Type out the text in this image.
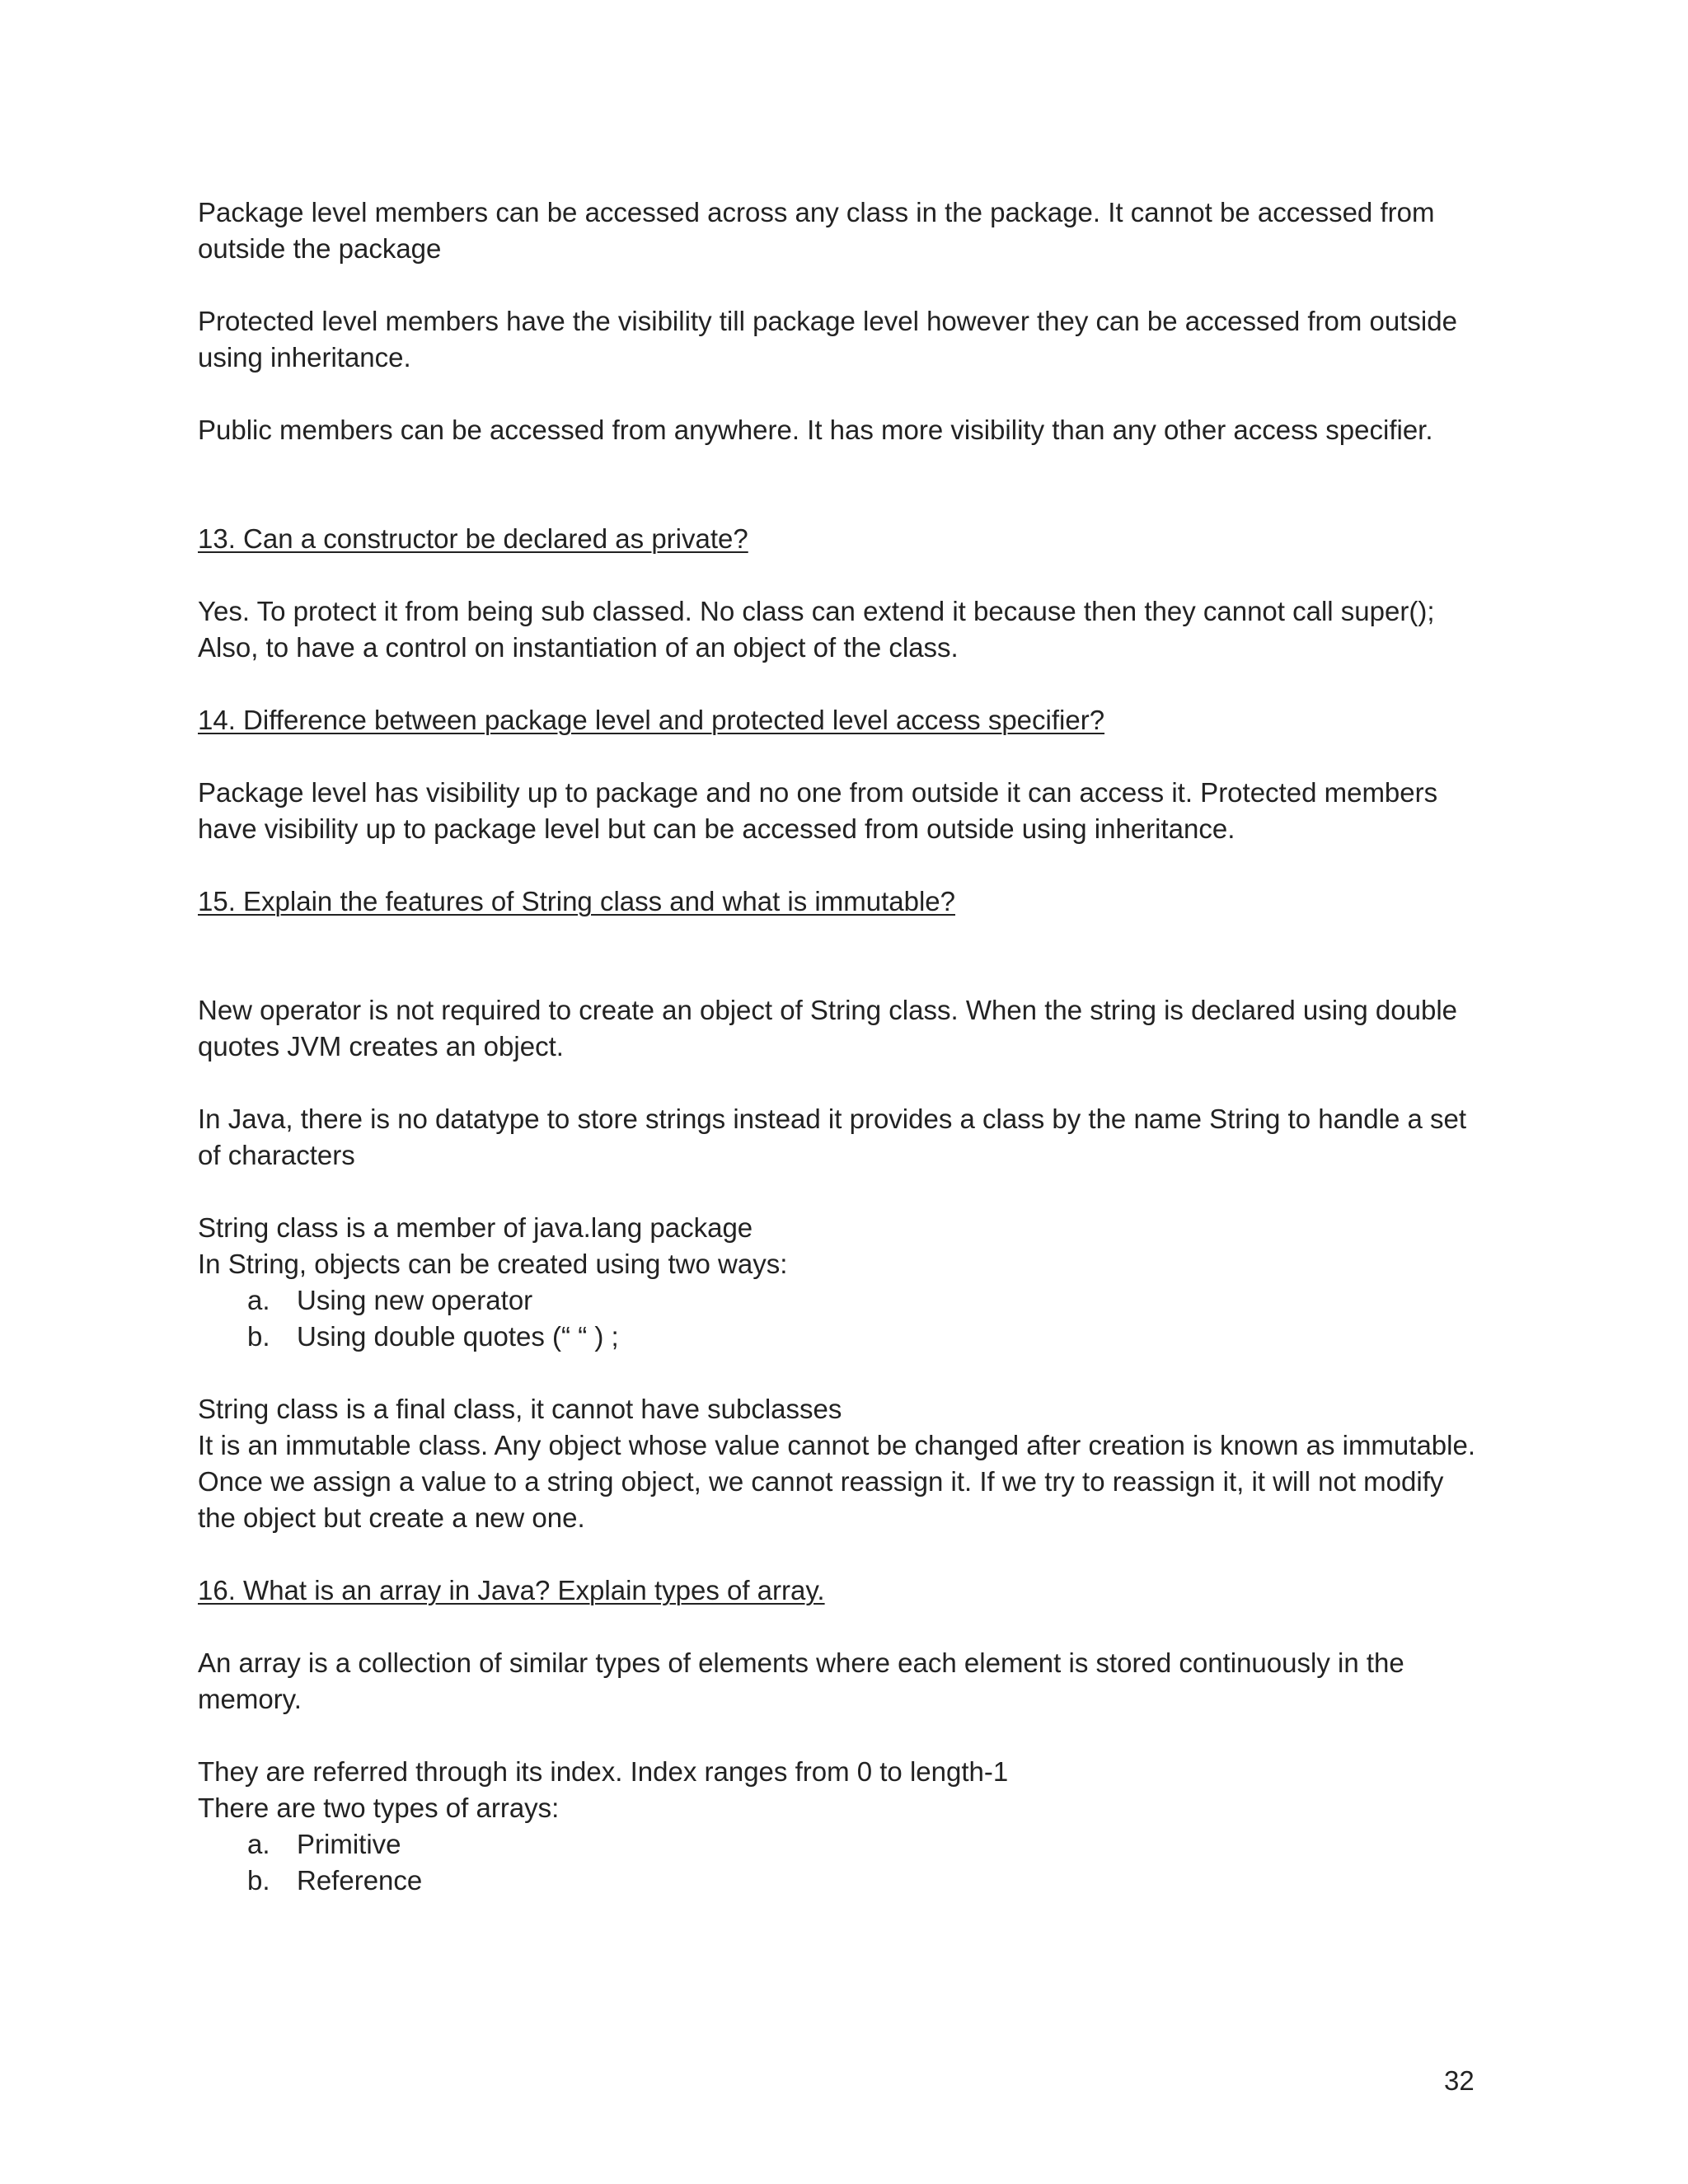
Package level members can be accessed across any class in the package. It cannot be accessed from outside the package

Protected level members have the visibility till package level however they can be accessed from outside using inheritance.

Public members can be accessed from anywhere. It has more visibility than any other access specifier.

13. Can a constructor be declared as private?

Yes. To protect it from being sub classed. No class can extend it because then they cannot call super();

Also, to have a control on instantiation of an object of the class.

14. Difference between package level and protected level access specifier?

Package level has visibility up to package and no one from outside it can access it. Protected members have visibility up to package level but can be accessed from outside using inheritance.

15. Explain the features of String class and what is immutable?

New operator is not required to create an object of String class. When the string is declared using double quotes JVM creates an object.

In Java, there is no datatype to store strings instead it provides a class by the name String to handle a set of characters

String class is a member of java.lang package

In String, objects can be created using two ways:

a. Using new operator
b. Using double quotes (“ “ ) ;

String class is a final class, it cannot have subclasses

It is an immutable class. Any object whose value cannot be changed after creation is known as immutable.

Once we assign a value to a string object, we cannot reassign it. If we try to reassign it, it will not modify the object but create a new one.

16. What is an array in Java? Explain types of array.

An array is a collection of similar types of elements where each element is stored continuously in the memory.

They are referred through its index. Index ranges from 0 to length-1

There are two types of arrays:

a. Primitive
b. Reference
32
